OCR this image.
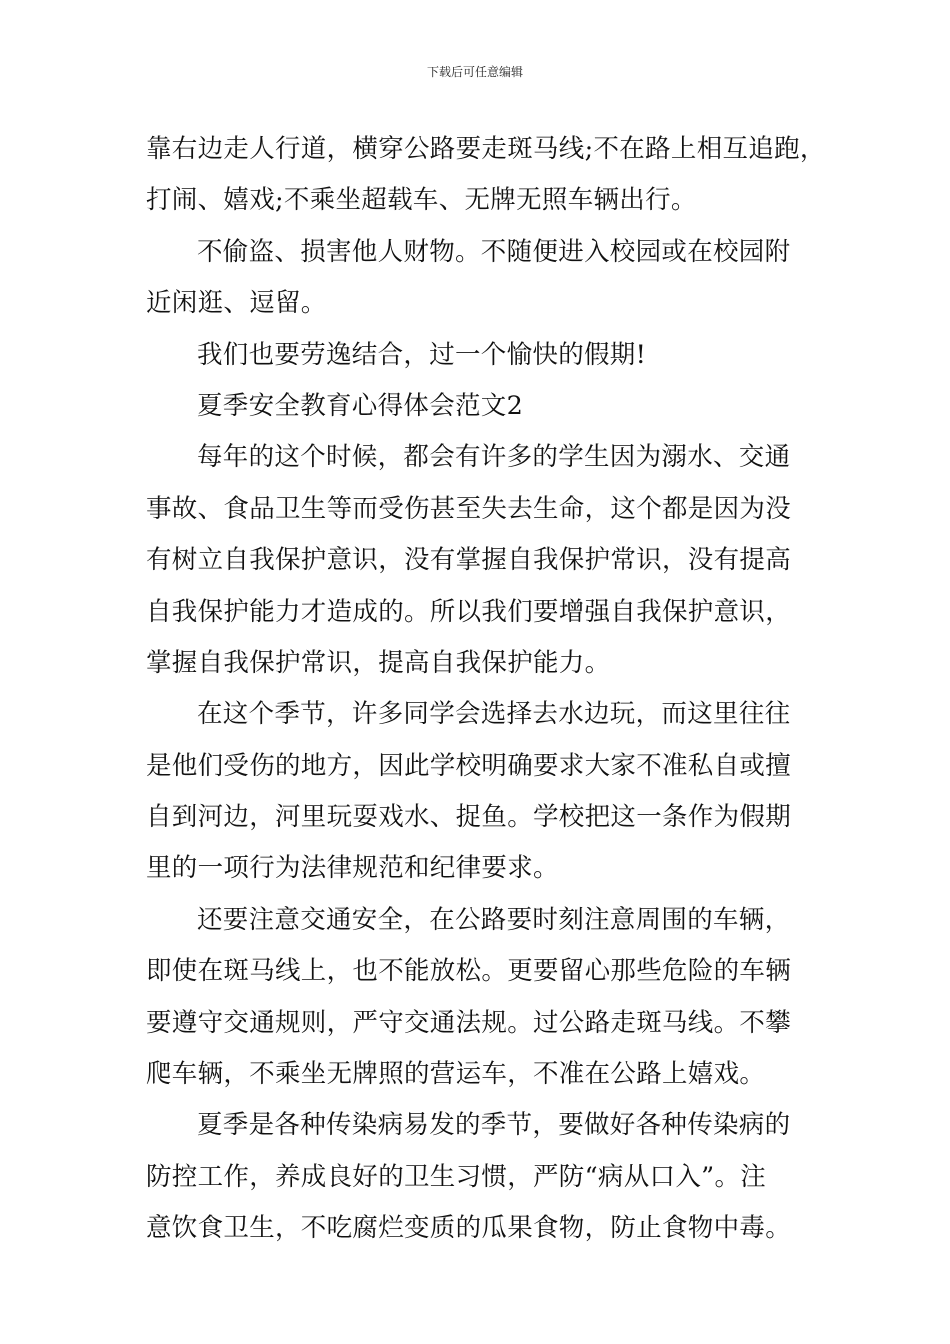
下载后可任意编辑
靠右边走人行道，横穿公路要走斑马线;不在路上相互追跑，
打闹、嬉戏;不乘坐超载车、无牌无照车辆出行。
不偷盗、损害他人财物。不随便进入校园或在校园附
近闲逛、逗留。
我们也要劳逸结合，过一个愉快的假期!
夏季安全教育心得体会范文2
每年的这个时候，都会有许多的学生因为溺水、交通
事故、食品卫生等而受伤甚至失去生命，这个都是因为没
有树立自我保护意识，没有掌握自我保护常识，没有提高
自我保护能力才造成的。所以我们要增强自我保护意识，
掌握自我保护常识，提高自我保护能力。
在这个季节，许多同学会选择去水边玩，而这里往往
是他们受伤的地方，因此学校明确要求大家不准私自或擅
自到河边，河里玩耍戏水、捉鱼。学校把这一条作为假期
里的一项行为法律规范和纪律要求。
还要注意交通安全，在公路要时刻注意周围的车辆，
即使在斑马线上，也不能放松。更要留心那些危险的车辆
要遵守交通规则，严守交通法规。过公路走斑马线。不攀
爬车辆，不乘坐无牌照的营运车，不准在公路上嬉戏。
夏季是各种传染病易发的季节，要做好各种传染病的
防控工作，养成良好的卫生习惯，严防“病从口入”。注
意饮食卫生，不吃腐烂变质的瓜果食物，防止食物中毒。
